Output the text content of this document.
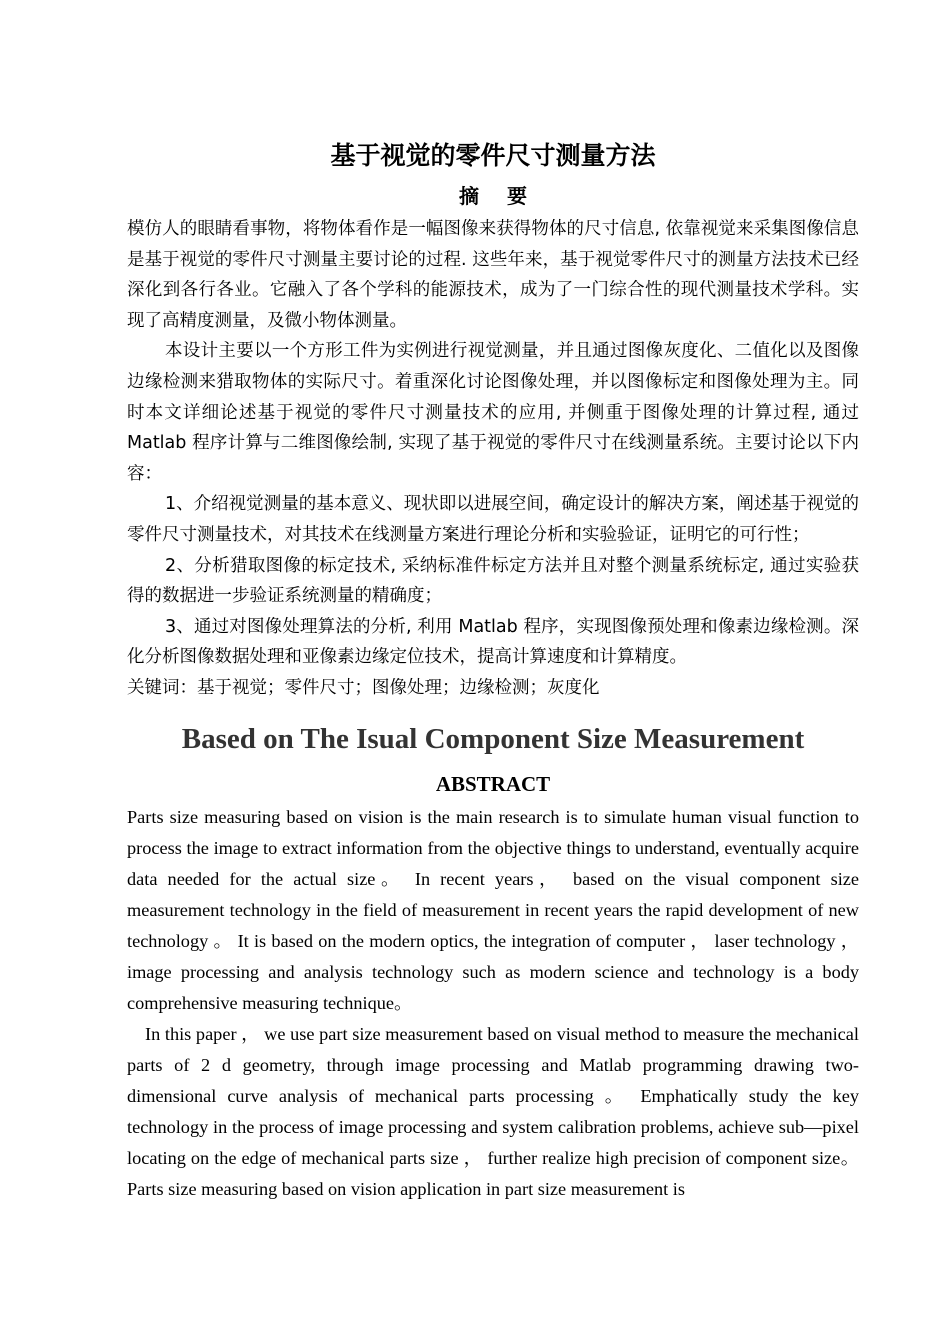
基于视觉的零件尺寸测量方法
摘要

模仿人的眼睛看事物，将物体看作是一幅图像来获得物体的尺寸信息, 依靠视觉来采集图像信息是基于视觉的零件尺寸测量主要讨论的过程. 这些年来，基于视觉零件尺寸的测量方法技术已经深化到各行各业。它融入了各个学科的能源技术，成为了一门综合性的现代测量技术学科。实现了高精度测量，及微小物体测量。

本设计主要以一个方形工件为实例进行视觉测量，并且通过图像灰度化、二值化以及图像边缘检测来猎取物体的实际尺寸。着重深化讨论图像处理，并以图像标定和图像处理为主。同时本文详细论述基于视觉的零件尺寸测量技术的应用, 并侧重于图像处理的计算过程, 通过 Matlab 程序计算与二维图像绘制, 实现了基于视觉的零件尺寸在线测量系统。主要讨论以下内容：

1、介绍视觉测量的基本意义、现状即以进展空间，确定设计的解决方案，阐述基于视觉的零件尺寸测量技术，对其技术在线测量方案进行理论分析和实验验证，证明它的可行性；

2、分析猎取图像的标定技术, 采纳标准件标定方法并且对整个测量系统标定, 通过实验获得的数据进一步验证系统测量的精确度；

3、通过对图像处理算法的分析, 利用 Matlab 程序，实现图像预处理和像素边缘检测。深化分析图像数据处理和亚像素边缘定位技术，提高计算速度和计算精度。

关键词：基于视觉；零件尺寸；图像处理；边缘检测；灰度化

Based on The Isual Component Size Measurement
ABSTRACT

Parts size measuring based on vision is the main research is to simulate human visual function to process the image to extract information from the objective things to understand, eventually acquire data needed for the actual size。 In recent years， based on the visual component size measurement technology in the field of measurement in recent years the rapid development of new technology 。 It is based on the modern optics, the integration of computer ， laser technology ， image processing and analysis technology such as modern science and technology is a body comprehensive measuring technique。

In this paper ， we use part size measurement based on visual method to measure the mechanical parts of 2 d geometry, through image processing and Matlab programming drawing two-dimensional curve analysis of mechanical parts processing 。 Emphatically study the key technology in the process of image processing and system calibration problems, achieve sub—pixel locating on the edge of mechanical parts size ， further realize high precision of component size。Parts size measuring based on vision application in part size measurement is
